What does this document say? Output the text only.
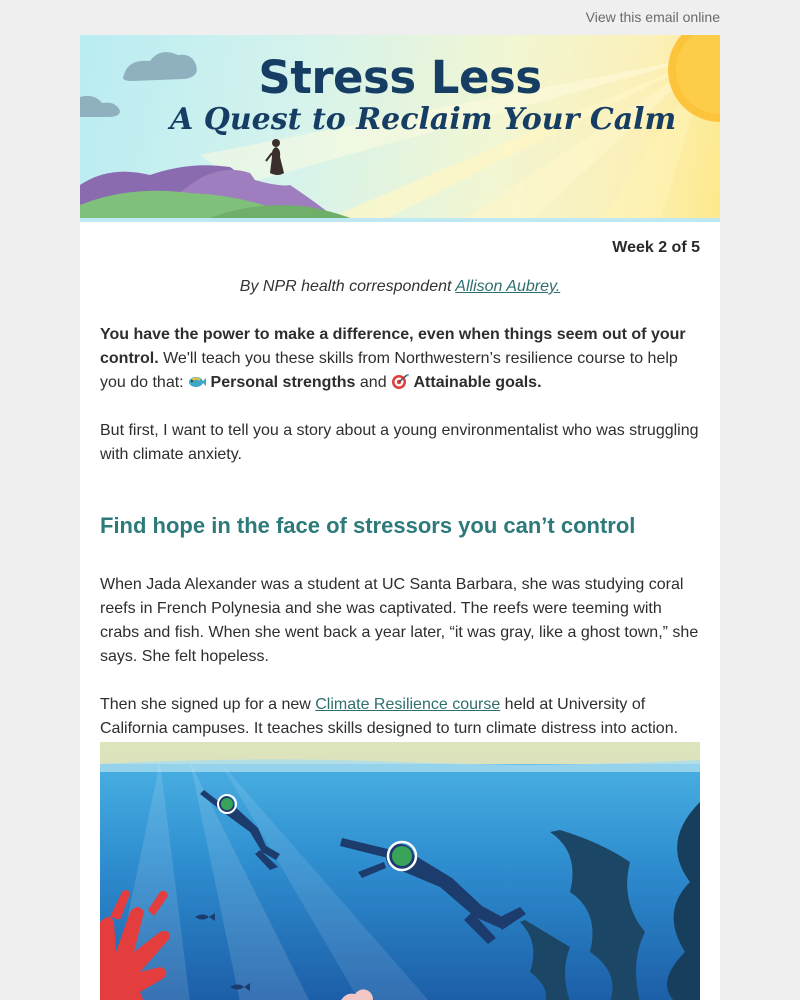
View this email online
Stress Less
A Quest to Reclaim Your Calm
Week 2 of 5
By NPR health correspondent Allison Aubrey.

You have the power to make a difference, even when things seem out of your control. We'll teach you these skills from Northwestern’s resilience course to help you do that:  Personal strengths and  Attainable goals.

But first, I want to tell you a story about a young environmentalist who was struggling with climate anxiety.

Find hope in the face of stressors you can’t control

When Jada Alexander was a student at UC Santa Barbara, she was studying coral reefs in French Polynesia and she was captivated. The reefs were teeming with crabs and fish. When she went back a year later, “it was gray, like a ghost town,” she says. She felt hopeless.

Then she signed up for a new Climate Resilience course held at University of California campuses. It teaches skills designed to turn climate distress into action.
